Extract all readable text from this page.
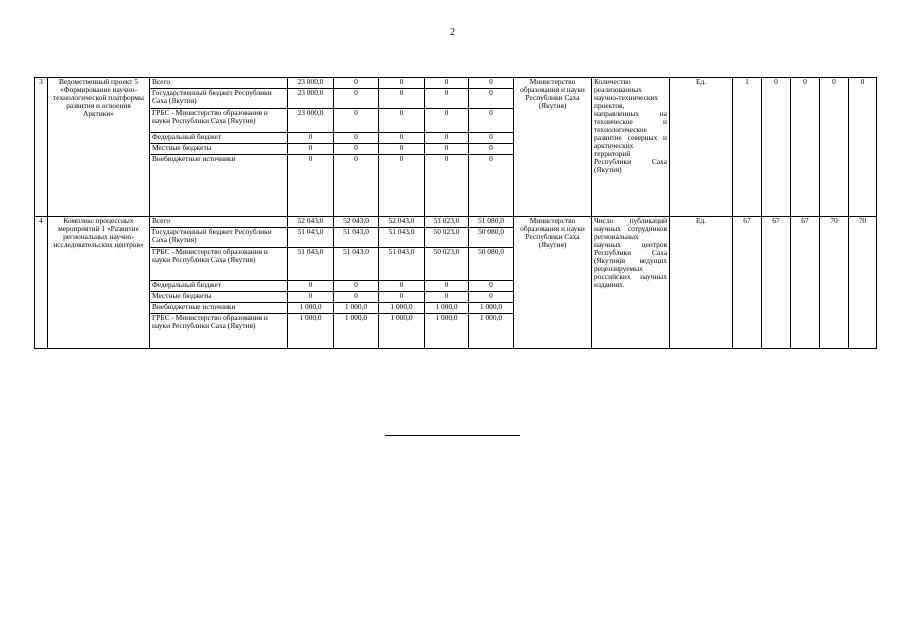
2
3	Ведомственный проект 5 «Формирование научно-технологической платформы развития и освоения Арктики»	Всего	23 000,0	0	0	0	0	Министерство образования и науки Республики Саха (Якутия)	Количество реализованных научно-технических проектов, направленных на техническое и технологическое развитие северных и арктических территорий Республики Саха (Якутия)	Ед.	1	0	0	0	0
		Государственный бюджет Республики Саха (Якутия)	23 000,0	0	0	0	0								
		ГРБС - Министерство образования и науки Республики Саха (Якутия)	23 000,0	0	0	0	0								
		Федеральный бюджет	0	0	0	0	0								
		Местные бюджеты	0	0	0	0	0								
		Внебюджетные источники	0	0	0	0	0								
4	Комплекс процессных мероприятий 1 «Развитие региональных научно-исследовательских центров»	Всего	52 043,0	52 043,0	52 043,0	51 023,0	51 080,0	Министерство образования и науки Республики Саха (Якутия)	Число публикаций научных сотрудников региональных научных центров Республики Саха (Якутия)в ведущих рецензируемых российских научных изданиях.	Ед.	67	67	67	70	70
		Государственный бюджет Республики Саха (Якутия)	51 043,0	51 043,0	51 043,0	50 023,0	50 080,0								
		ГРБС - Министерство образования и науки Республики Саха (Якутия)	51 043,0	51 043,0	51 043,0	50 023,0	50 080,0								
		Федеральный бюджет	0	0	0	0	0								
		Местные бюджеты	0	0	0	0	0								
		Внебюджетные источники	1 000,0	1 000,0	1 000,0	1 000,0	1 000,0								
		ГРБС - Министерство образования и науки Республики Саха (Якутия)	1 000,0	1 000,0	1 000,0	1 000,0	1 000,0								
